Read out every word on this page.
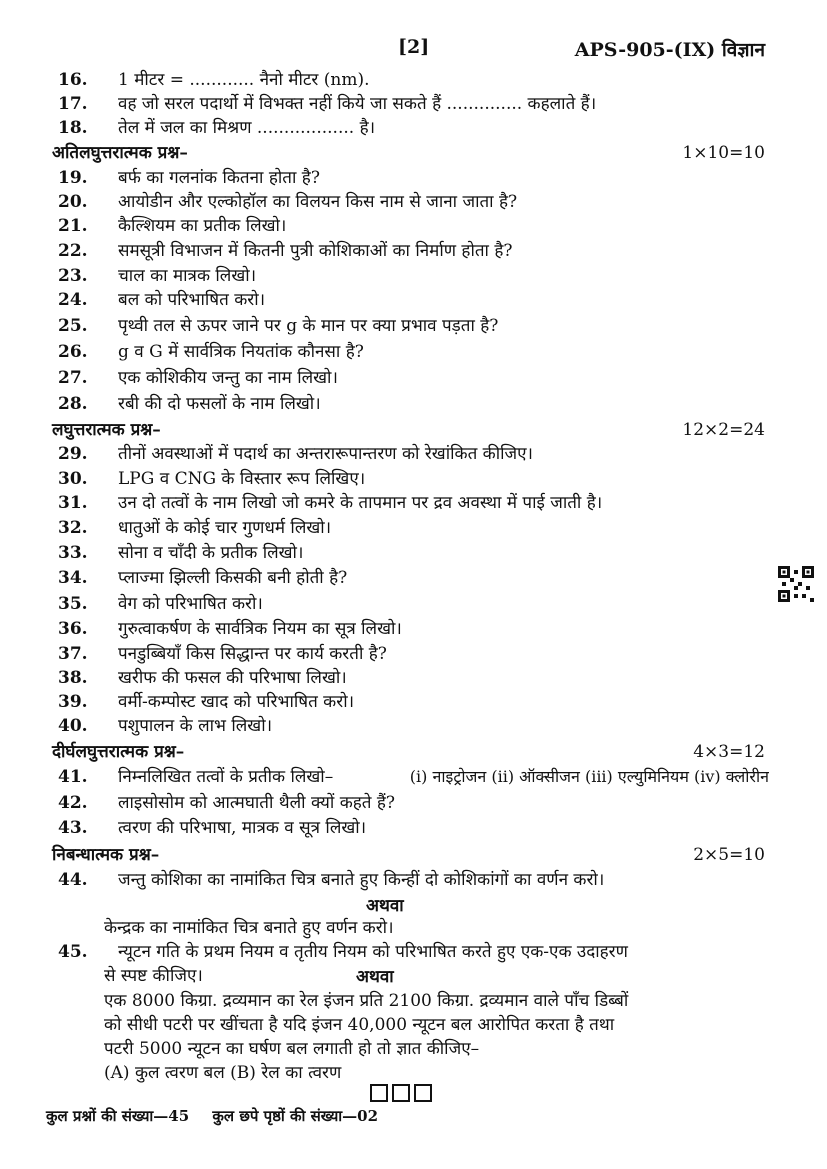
[2]	APS-905-(IX) विज्ञान
16.	1 मीटर = ............ नैनो मीटर (nm).
17.	वह जो सरल पदार्थो में विभक्त नहीं किये जा सकते हैं .............. कहलाते हैं।
18.	तेल में जल का मिश्रण .................. है।
अतिलघुत्तरात्मक प्रश्न–	1×10=10
19.	बर्फ का गलनांक कितना होता है?
20.	आयोडीन और एल्कोहॉल का विलयन किस नाम से जाना जाता है?
21.	कैल्शियम का प्रतीक लिखो।
22.	समसूत्री विभाजन में कितनी पुत्री कोशिकाओं का निर्माण होता है?
23.	चाल का मात्रक लिखो।
24.	बल को परिभाषित करो।
25.	पृथ्वी तल से ऊपर जाने पर g के मान पर क्या प्रभाव पड़ता है?
26.	g व G में सार्वत्रिक नियतांक कौनसा है?
27.	एक कोशिकीय जन्तु का नाम लिखो।
28.	रबी की दो फसलों के नाम लिखो।
लघुत्तरात्मक प्रश्न–	12×2=24
29.	तीनों अवस्थाओं में पदार्थ का अन्तरारूपान्तरण को रेखांकित कीजिए।
30.	LPG व CNG के विस्तार रूप लिखिए।
31.	उन दो तत्वों के नाम लिखो जो कमरे के तापमान पर द्रव अवस्था में पाई जाती है।
32.	धातुओं के कोई चार गुणधर्म लिखो।
33.	सोना व चाँदी के प्रतीक लिखो।
34.	प्लाज्मा झिल्ली किसकी बनी होती है?
35.	वेग को परिभाषित करो।
36.	गुरुत्वाकर्षण के सार्वत्रिक नियम का सूत्र लिखो।
37.	पनडुब्बियाँ किस सिद्धान्त पर कार्य करती है?
38.	खरीफ की फसल की परिभाषा लिखो।
39.	वर्मी-कम्पोस्ट खाद को परिभाषित करो।
40.	पशुपालन के लाभ लिखो।
दीर्घलघुत्तरात्मक प्रश्न–	4×3=12
41.	निम्नलिखित तत्वों के प्रतीक लिखो–	(i) नाइट्रोजन (ii) ऑक्सीजन (iii) एल्युमिनियम (iv) क्लोरीन
42.	लाइसोसोम को आत्मघाती थैली क्यों कहते हैं?
43.	त्वरण की परिभाषा, मात्रक व सूत्र लिखो।
निबन्धात्मक प्रश्न–	2×5=10
44.	जन्तु कोशिका का नामांकित चित्र बनाते हुए किन्हीं दो कोशिकांगों का वर्णन करो।
अथवा
केन्द्रक का नामांकित चित्र बनाते हुए वर्णन करो।
45.	न्यूटन गति के प्रथम नियम व तृतीय नियम को परिभाषित करते हुए एक-एक उदाहरण
से स्पष्ट कीजिए।	अथवा
एक 8000 किग्रा. द्रव्यमान का रेल इंजन प्रति 2100 किग्रा. द्रव्यमान वाले पाँच डिब्बों
को सीधी पटरी पर खींचता है यदि इंजन 40,000 न्यूटन बल आरोपित करता है तथा
पटरी 5000 न्यूटन का घर्षण बल लगाती हो तो ज्ञात कीजिए–
(A) कुल त्वरण बल (B) रेल का त्वरण
कुल प्रश्नों की संख्या—45 कुल छपे पृष्ठों की संख्या—02
